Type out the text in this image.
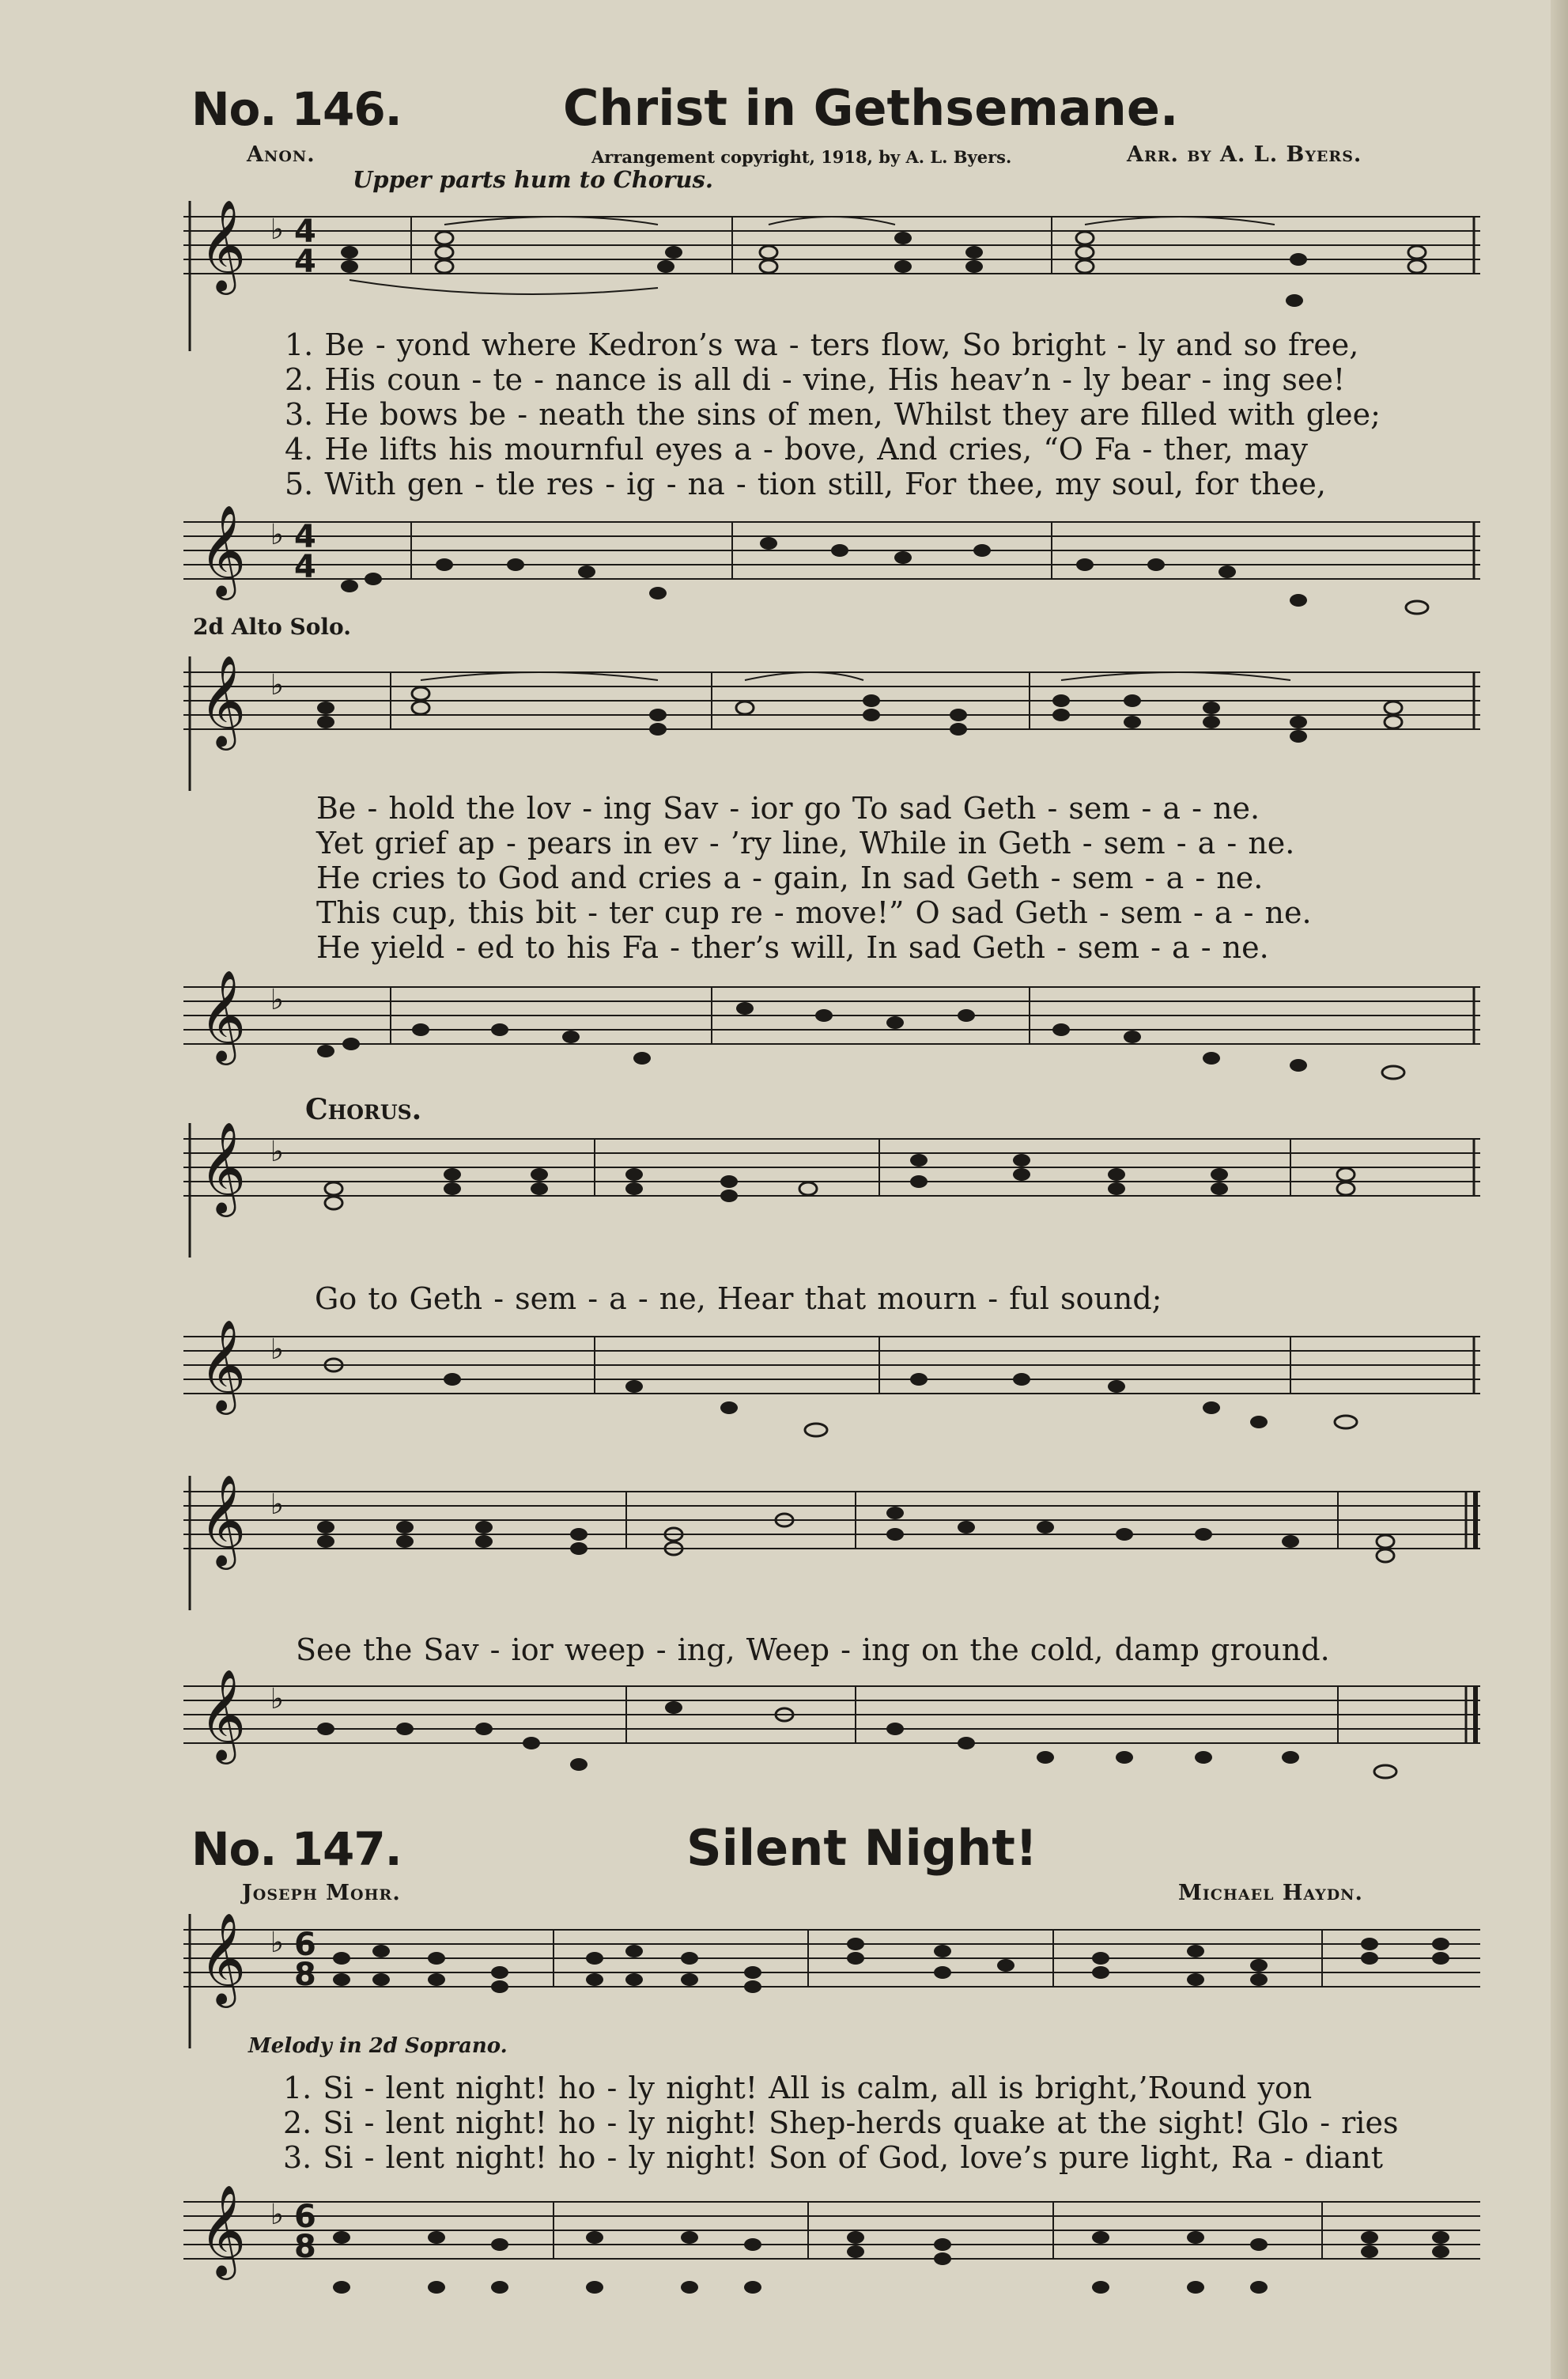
No. 146.	Christ in Gethsemane.
Anon.	Arrangement copyright, 1918, by A. L. Byers.	Arr. by A. L. Byers.
Upper parts hum to Chorus.
𝄞 ♭ 4
4
1. Be - yond where Kedron’s wa - ters flow, So bright - ly and so free,
2. His coun - te - nance is all di - vine, His heav’n - ly bear - ing see!
3. He bows be - neath the sins of men, Whilst they are filled with glee;
4. He lifts his mournful eyes a - bove, And cries, “O Fa - ther, may
5. With gen - tle res - ig - na - tion still, For thee, my soul, for thee,
𝄞 ♭ 4
4
2d Alto Solo.
𝄞 ♭
Be - hold the lov - ing Sav - ior go To sad Geth - sem - a - ne.
Yet grief ap - pears in ev - ’ry line, While in Geth - sem - a - ne.
He cries to God and cries a - gain, In sad Geth - sem - a - ne.
This cup, this bit - ter cup re - move!” O sad Geth - sem - a - ne.
He yield - ed to his Fa - ther’s will, In sad Geth - sem - a - ne.
𝄞 ♭
Chorus.
𝄞 ♭
Go to Geth - sem - a - ne, Hear that mourn - ful sound;
𝄞 ♭
𝄞 ♭
See the Sav - ior weep - ing, Weep - ing on the cold, damp ground.
𝄞 ♭
No. 147.	Silent Night!
Joseph Mohr.	Michael Haydn.
𝄞 ♭ 6
8
Melody in 2d Soprano.
1. Si - lent night! ho - ly night! All is calm, all is bright,’Round yon
2. Si - lent night! ho - ly night! Shep-herds quake at the sight! Glo - ries
3. Si - lent night! ho - ly night! Son of God, love’s pure light, Ra - diant
𝄞 ♭ 6
8
